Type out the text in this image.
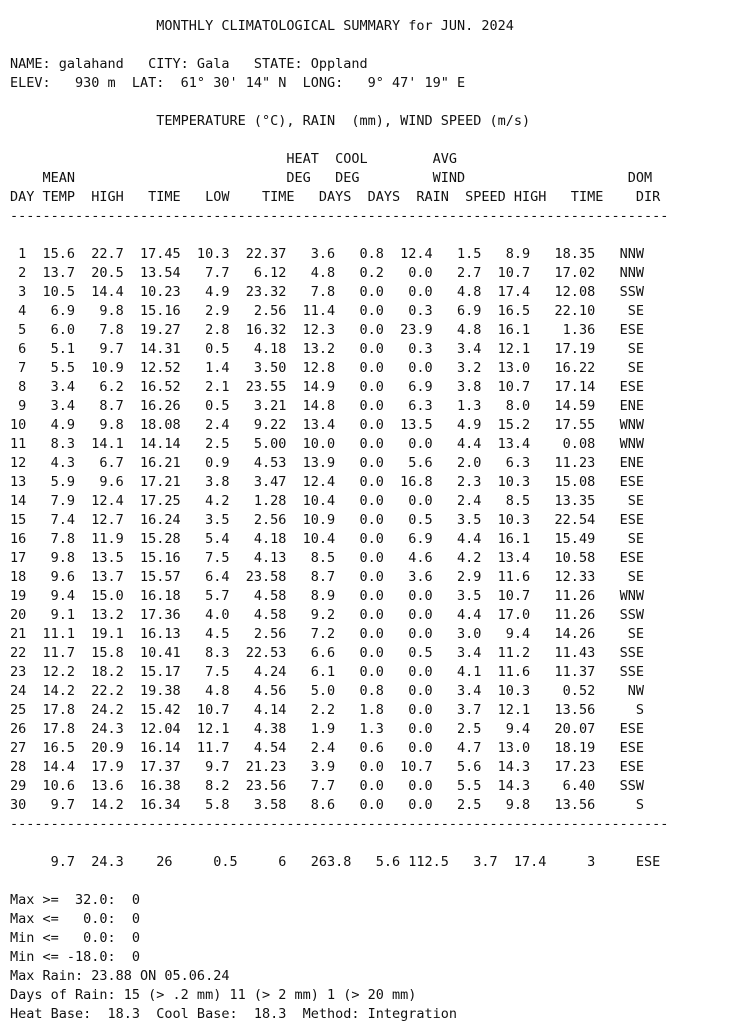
MONTHLY CLIMATOLOGICAL SUMMARY for JUN. 2024
NAME: galahand   CITY: Gala   STATE: Oppland
ELEV:   930 m  LAT:  61° 30' 14" N  LONG:   9° 47' 19" E
TEMPERATURE (°C), RAIN  (mm), WIND SPEED (m/s)
HEAT  COOL        AVG
MEAN                          DEG   DEG         WIND                    DOM
DAY TEMP  HIGH   TIME   LOW    TIME   DAYS  DAYS  RAIN  SPEED HIGH   TIME    DIR
---------------------------------------------------------------------------------
1  15.6  22.7  17.45  10.3  22.37   3.6   0.8  12.4   1.5   8.9   18.35   NNW
2  13.7  20.5  13.54   7.7   6.12   4.8   0.2   0.0   2.7  10.7   17.02   NNW
3  10.5  14.4  10.23   4.9  23.32   7.8   0.0   0.0   4.8  17.4   12.08   SSW
4   6.9   9.8  15.16   2.9   2.56  11.4   0.0   0.3   6.9  16.5   22.10    SE
5   6.0   7.8  19.27   2.8  16.32  12.3   0.0  23.9   4.8  16.1    1.36   ESE
6   5.1   9.7  14.31   0.5   4.18  13.2   0.0   0.3   3.4  12.1   17.19    SE
7   5.5  10.9  12.52   1.4   3.50  12.8   0.0   0.0   3.2  13.0   16.22    SE
8   3.4   6.2  16.52   2.1  23.55  14.9   0.0   6.9   3.8  10.7   17.14   ESE
9   3.4   8.7  16.26   0.5   3.21  14.8   0.0   6.3   1.3   8.0   14.59   ENE
10   4.9   9.8  18.08   2.4   9.22  13.4   0.0  13.5   4.9  15.2   17.55   WNW
11   8.3  14.1  14.14   2.5   5.00  10.0   0.0   0.0   4.4  13.4    0.08   WNW
12   4.3   6.7  16.21   0.9   4.53  13.9   0.0   5.6   2.0   6.3   11.23   ENE
13   5.9   9.6  17.21   3.8   3.47  12.4   0.0  16.8   2.3  10.3   15.08   ESE
14   7.9  12.4  17.25   4.2   1.28  10.4   0.0   0.0   2.4   8.5   13.35    SE
15   7.4  12.7  16.24   3.5   2.56  10.9   0.0   0.5   3.5  10.3   22.54   ESE
16   7.8  11.9  15.28   5.4   4.18  10.4   0.0   6.9   4.4  16.1   15.49    SE
17   9.8  13.5  15.16   7.5   4.13   8.5   0.0   4.6   4.2  13.4   10.58   ESE
18   9.6  13.7  15.57   6.4  23.58   8.7   0.0   3.6   2.9  11.6   12.33    SE
19   9.4  15.0  16.18   5.7   4.58   8.9   0.0   0.0   3.5  10.7   11.26   WNW
20   9.1  13.2  17.36   4.0   4.58   9.2   0.0   0.0   4.4  17.0   11.26   SSW
21  11.1  19.1  16.13   4.5   2.56   7.2   0.0   0.0   3.0   9.4   14.26    SE
22  11.7  15.8  10.41   8.3  22.53   6.6   0.0   0.5   3.4  11.2   11.43   SSE
23  12.2  18.2  15.17   7.5   4.24   6.1   0.0   0.0   4.1  11.6   11.37   SSE
24  14.2  22.2  19.38   4.8   4.56   5.0   0.8   0.0   3.4  10.3    0.52    NW
25  17.8  24.2  15.42  10.7   4.14   2.2   1.8   0.0   3.7  12.1   13.56     S
26  17.8  24.3  12.04  12.1   4.38   1.9   1.3   0.0   2.5   9.4   20.07   ESE
27  16.5  20.9  16.14  11.7   4.54   2.4   0.6   0.0   4.7  13.0   18.19   ESE
28  14.4  17.9  17.37   9.7  21.23   3.9   0.0  10.7   5.6  14.3   17.23   ESE
29  10.6  13.6  16.38   8.2  23.56   7.7   0.0   0.0   5.5  14.3    6.40   SSW
30   9.7  14.2  16.34   5.8   3.58   8.6   0.0   0.0   2.5   9.8   13.56     S
---------------------------------------------------------------------------------
9.7  24.3    26     0.5     6   263.8   5.6 112.5   3.7  17.4     3     ESE
Max >=  32.0:  0
Max <=   0.0:  0
Min <=   0.0:  0
Min <= -18.0:  0
Max Rain: 23.88 ON 05.06.24
Days of Rain: 15 (> .2 mm) 11 (> 2 mm) 1 (> 20 mm)
Heat Base:  18.3  Cool Base:  18.3  Method: Integration
